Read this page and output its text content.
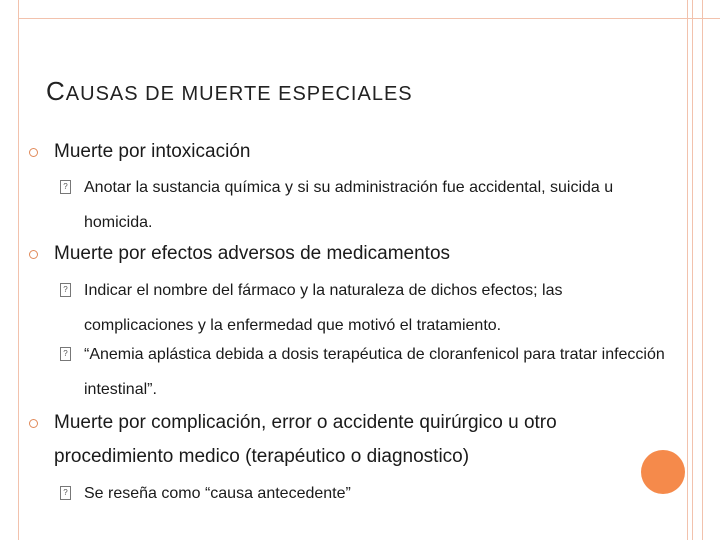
CAUSAS DE MUERTE ESPECIALES
Muerte por intoxicación
? Anotar la sustancia química y si su administración fue accidental, suicida u homicida.
Muerte por efectos adversos de medicamentos
? Indicar el nombre del fármaco y la naturaleza de dichos efectos; las complicaciones y la enfermedad que motivó el tratamiento.
? “Anemia aplástica debida a dosis terapéutica de cloranfenicol para tratar infección intestinal”.
Muerte por complicación, error o accidente quirúrgico u otro procedimiento medico (terapéutico o diagnostico)
? Se reseña como “causa antecedente”
